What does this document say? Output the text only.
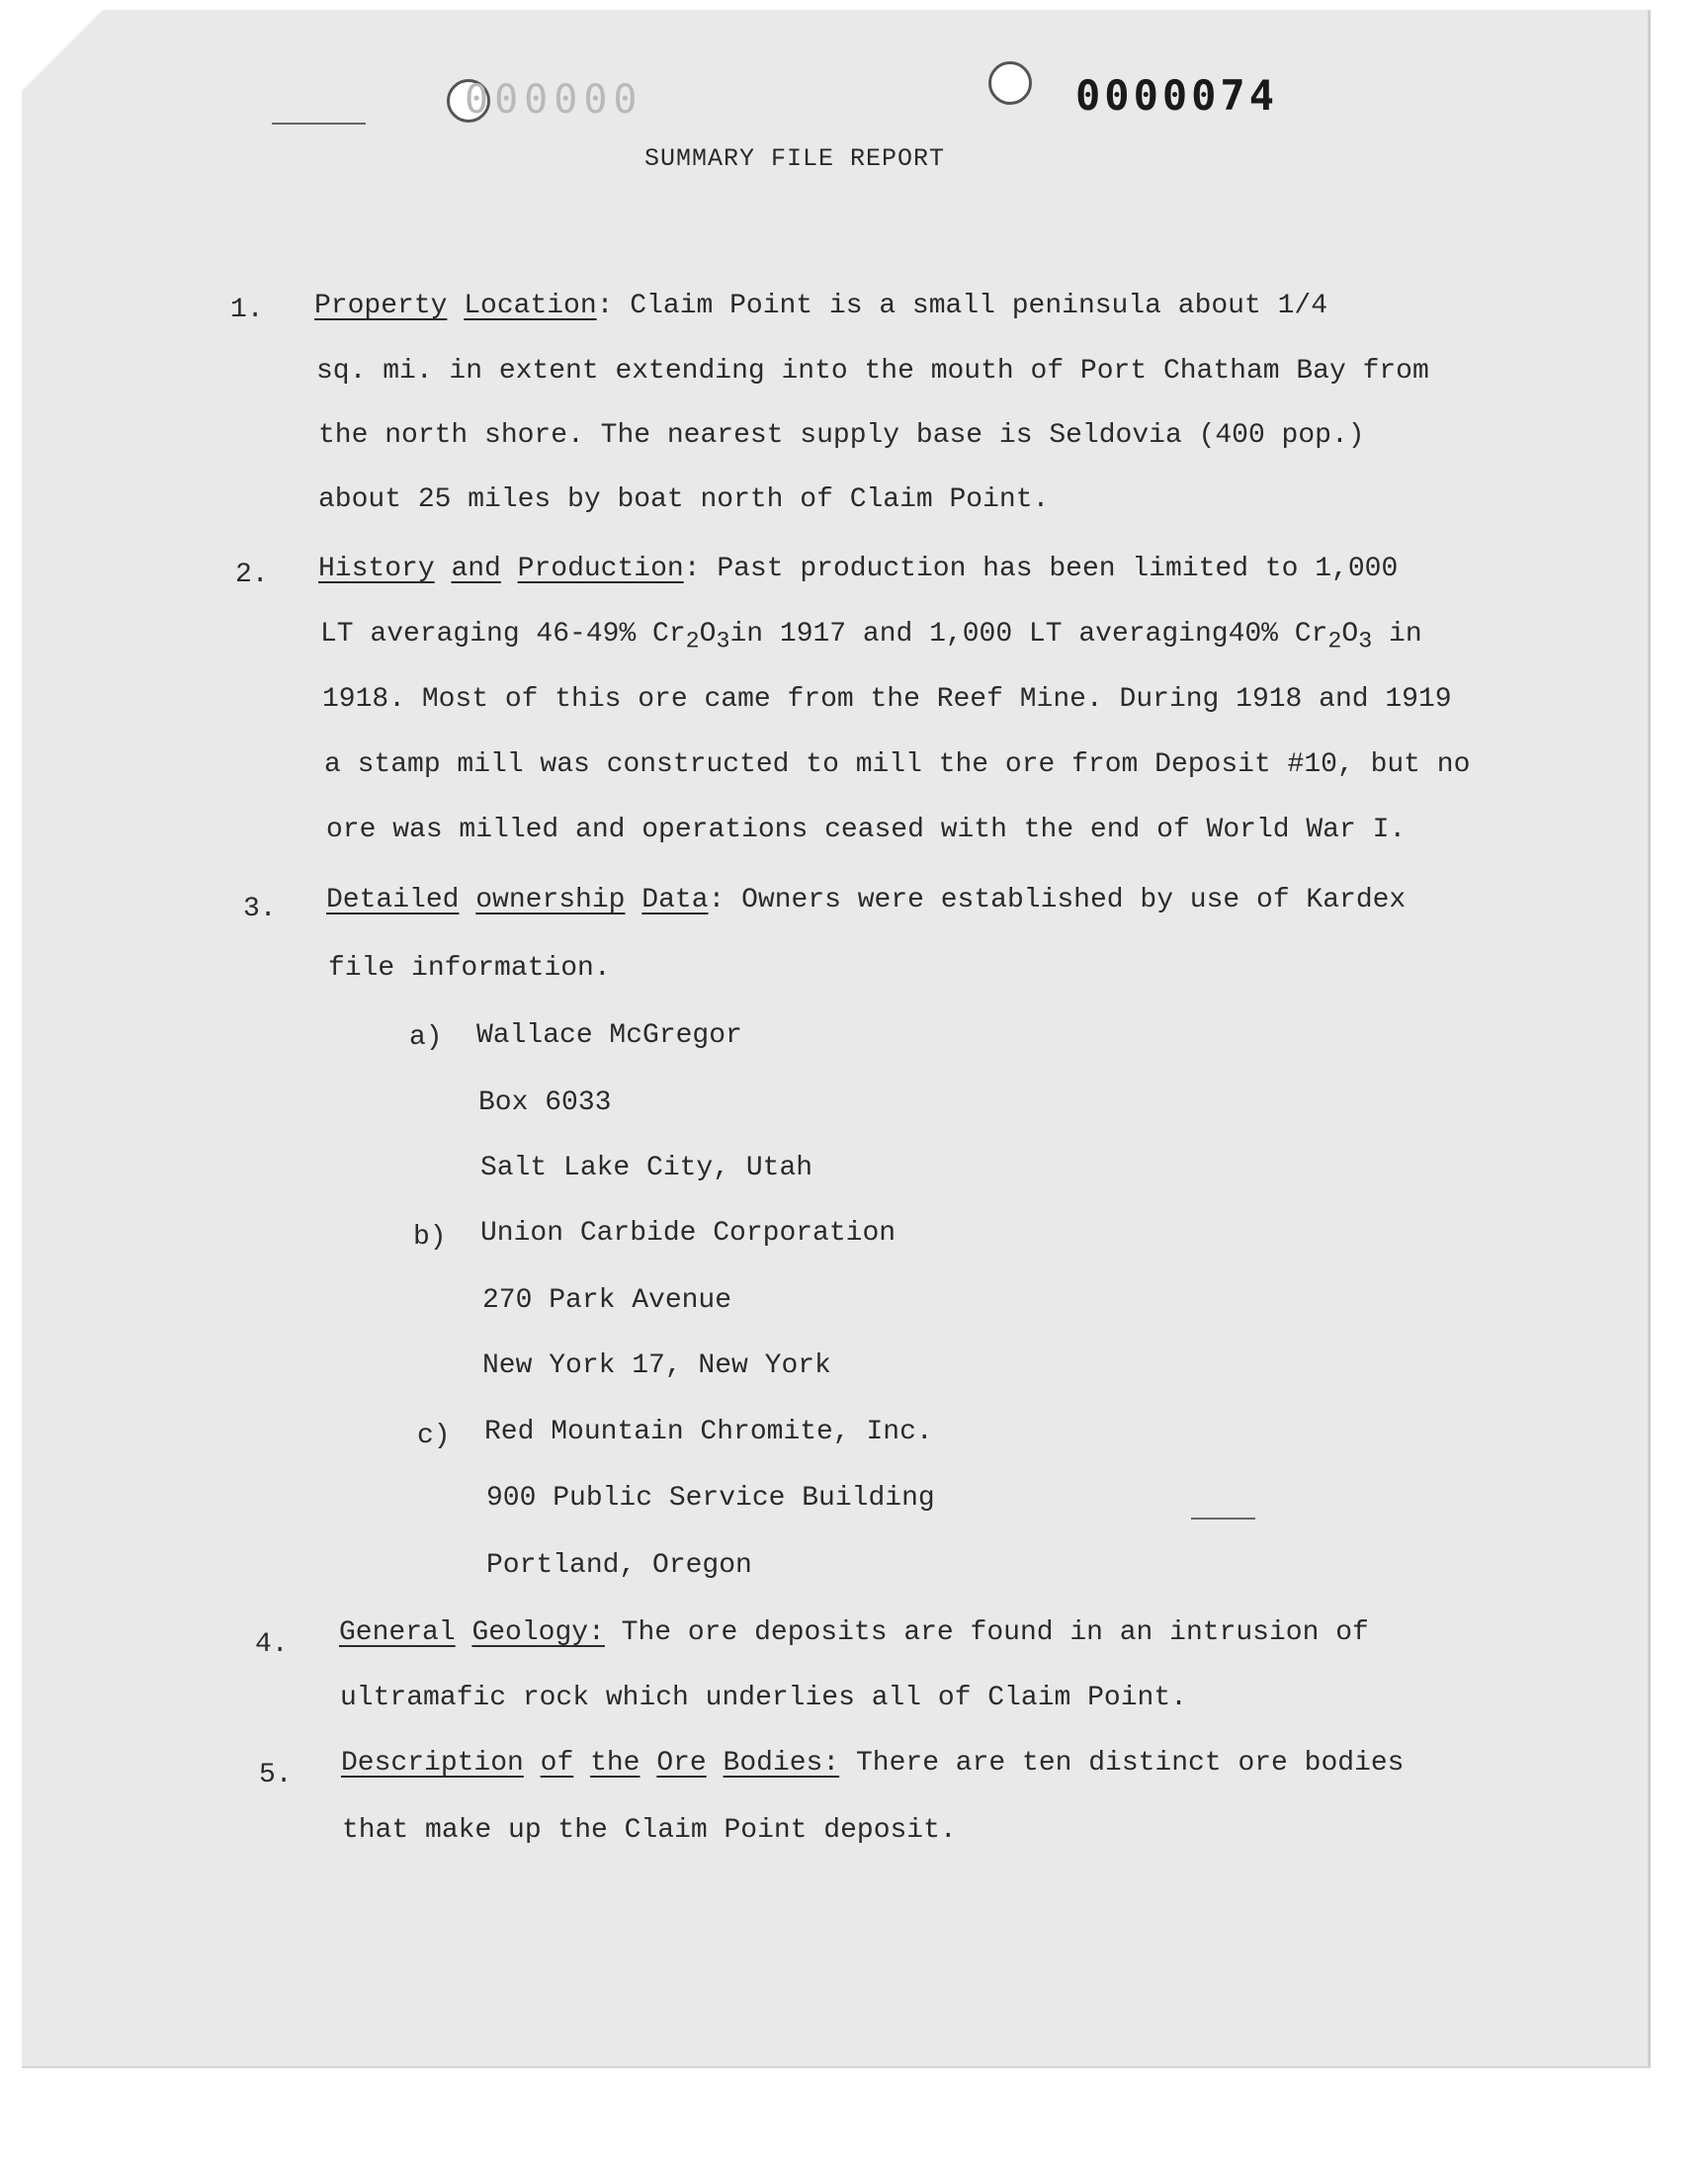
000000	0000074
SUMMARY FILE REPORT
1. Property Location: Claim Point is a small peninsula about 1/4
sq. mi. in extent extending into the mouth of Port Chatham Bay from
the north shore. The nearest supply base is Seldovia (400 pop.)
about 25 miles by boat north of Claim Point.
2. History and Production: Past production has been limited to 1,000
LT averaging 46-49% $Cr_2O_3in$ 1917 and 1,000 LT averaging40% $Cr_2O_3$ in
1918. Most of this ore came from the Reef Mine. During 1918 and 1919
a stamp mill was constructed to mill the ore from Deposit #10, but no
ore was milled and operations ceased with the end of World War I.
3. Detailed ownership Data: Owners were established by use of Kardex
file information.
a) Wallace McGregor
Box 6033
Salt Lake City, Utah
b) Union Carbide Corporation
270 Park Avenue
New York 17, New York
c) Red Mountain Chromite, Inc.
900 Public Service Building
Portland, Oregon
4. General Geology: The ore deposits are found in an intrusion of
ultramafic rock which underlies all of Claim Point.
5. Description of the Ore Bodies: There are ten distinct ore bodies
that make up the Claim Point deposit.
